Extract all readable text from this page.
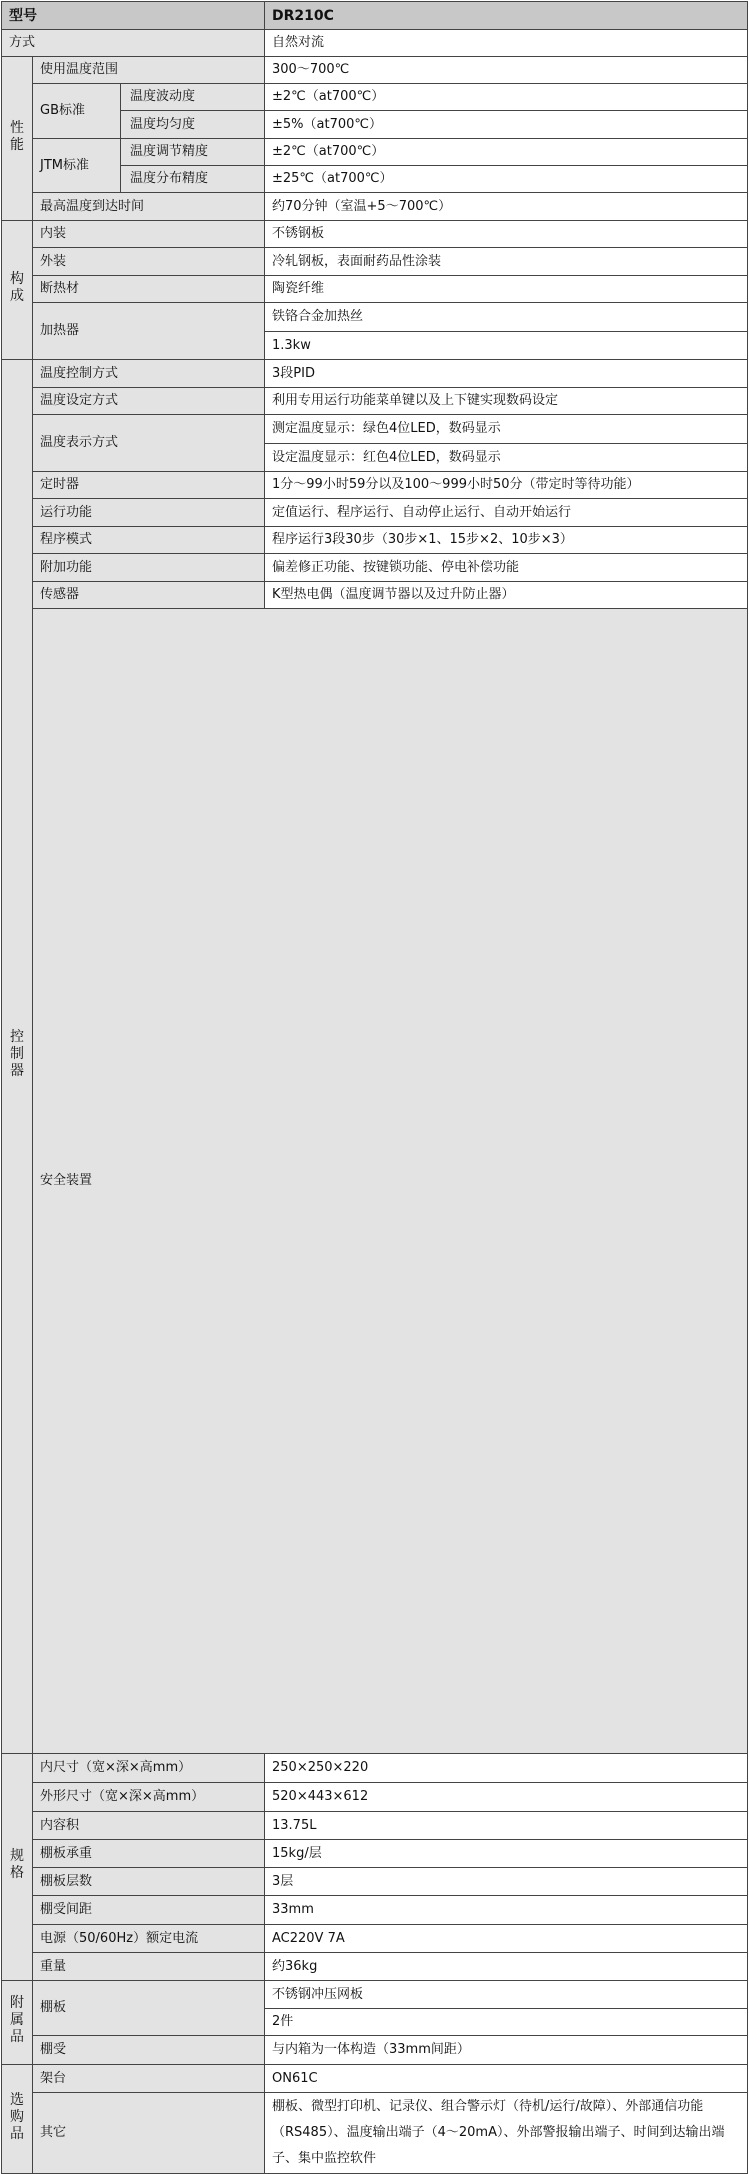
型号			DR210C	
方式			自然对流	
性能	使用温度范围		300～700℃	
	GB标准	温度波动度	±2℃（at700℃）	
		温度均匀度	±5%（at700℃）	
	JTM标准	温度调节精度	±2℃（at700℃）	
		温度分布精度	±25℃（at700℃）	
	最高温度到达时间		约70分钟（室温+5～700℃）	
构成	内装		不锈钢板	
	外装		冷轧钢板，表面耐药品性涂装	
	断热材		陶瓷纤维	
	加热器		铁铬合金加热丝	
			1.3kw	
控制器	温度控制方式		3段PID	
	温度设定方式		利用专用运行功能菜单键以及上下键实现数码设定	
	温度表示方式		测定温度显示：绿色4位LED，数码显示	
			设定温度显示：红色4位LED，数码显示	
	定时器		1分～99小时59分以及100～999小时50分（带定时等待功能）	
	运行功能		定值运行、程序运行、自动停止运行、自动开始运行	
	程序模式		程序运行3段30步（30步×1、15步×2、10步×3）	
	附加功能		偏差修正功能、按键锁功能、停电补偿功能	
	传感器		K型热电偶（温度调节器以及过升防止器）	
	安全装置	
规格	内尺寸（宽×深×高mm）		250×250×220	
	外形尺寸（宽×深×高mm）		520×443×612	
	内容积		13.75L	
	棚板承重		15kg/层	
	棚板层数		3层	
	棚受间距		33mm	
	电源（50/60Hz）额定电流		AC220V 7A	
	重量		约36kg	
附属品	棚板		不锈钢冲压网板	
			2件	
	棚受		与内箱为一体构造（33mm间距）	
选购品	架台		ON61C	
	其它		棚板、微型打印机、记录仪、组合警示灯（待机/运行/故障）、外部通信功能（RS485）、温度输出端子（4～20mA）、外部警报输出端子、时间到达输出端子、集中监控软件	
